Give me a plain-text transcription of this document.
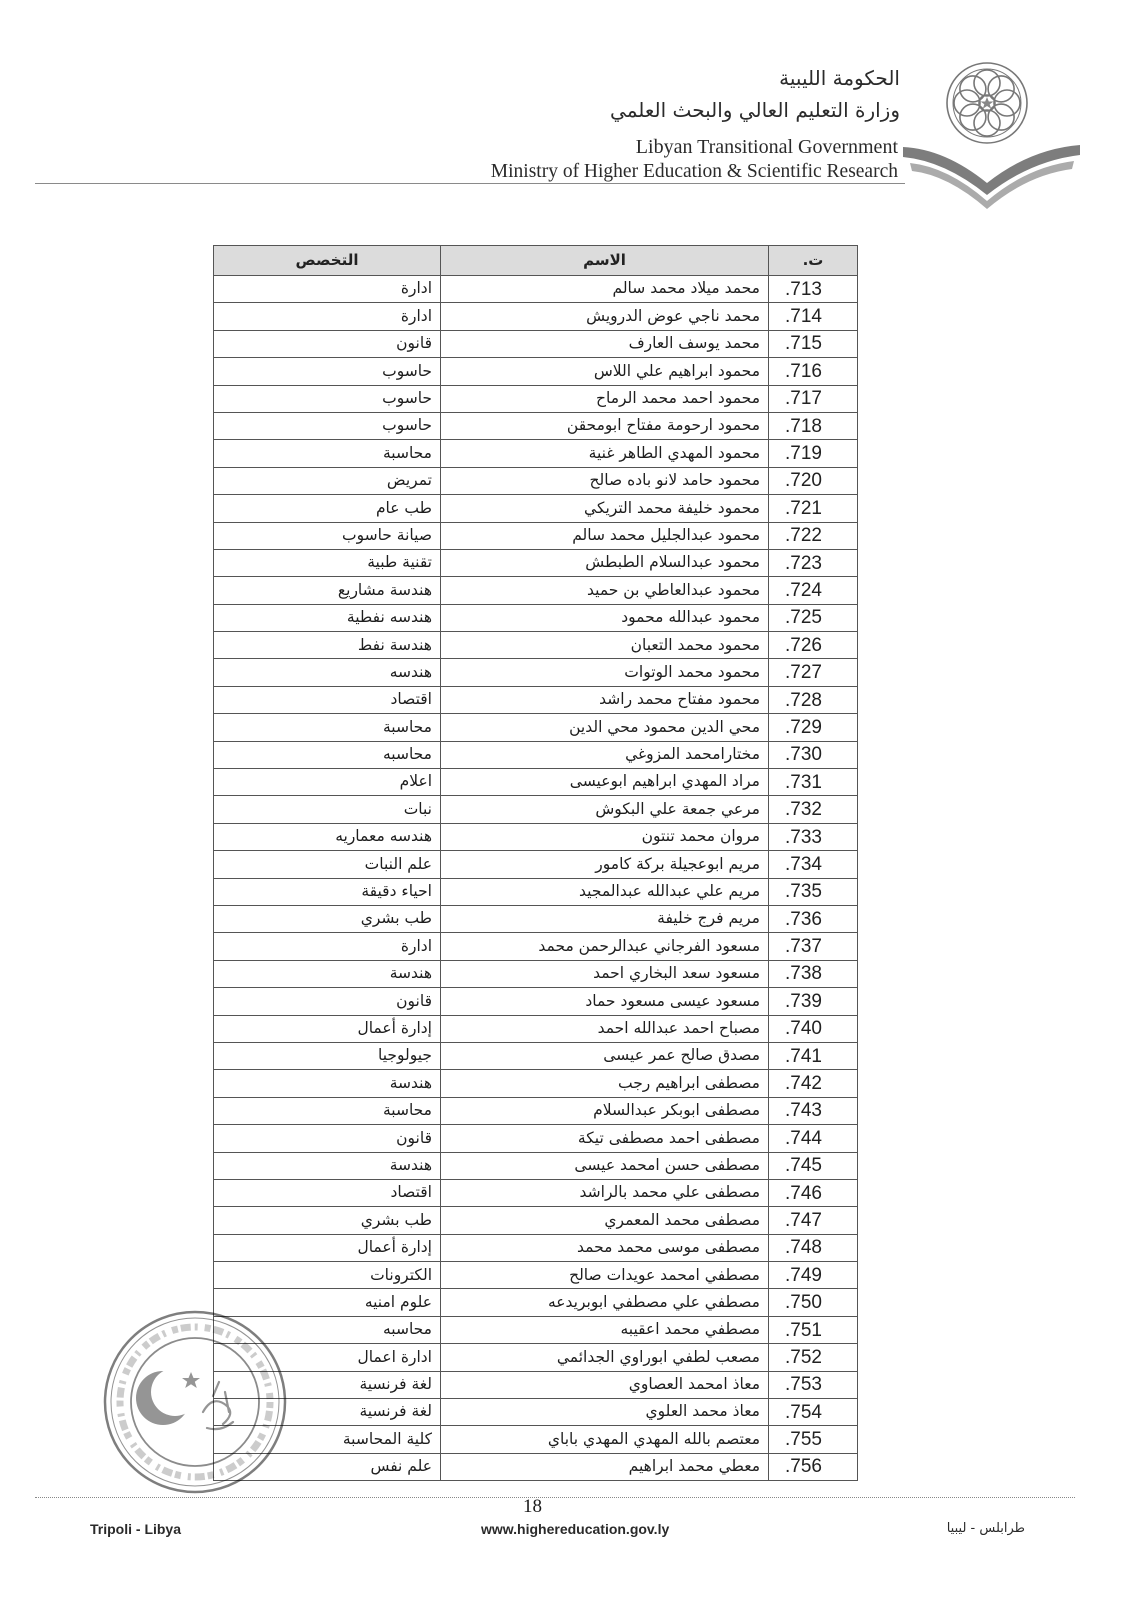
الحكومة الليبية
وزارة التعليم العالي والبحث العلمي
Libyan Transitional Government
Ministry of Higher Education & Scientific Research
ت.	الاسم	التخصص
713.	محمد ميلاد محمد سالم	ادارة
714.	محمد ناجي عوض الدرويش	ادارة
715.	محمد يوسف العارف	قانون
716.	محمود ابراهيم علي اللاس	حاسوب
717.	محمود احمد محمد الرماح	حاسوب
718.	محمود ارحومة مفتاح ابومحقن	حاسوب
719.	محمود المهدي الطاهر غنية	محاسبة
720.	محمود حامد لانو باده صالح	تمريض
721.	محمود خليفة محمد التريكي	طب عام
722.	محمود عبدالجليل محمد سالم	صيانة حاسوب
723.	محمود عبدالسلام الطبطش	تقنية طبية
724.	محمود عبدالعاطي بن حميد	هندسة مشاريع
725.	محمود عبدالله محمود	هندسه نفطية
726.	محمود محمد التعبان	هندسة نفط
727.	محمود محمد الوتوات	هندسه
728.	محمود مفتاح محمد راشد	اقتصاد
729.	محي الدين محمود محي الدين	محاسبة
730.	مختارامحمد المزوغي	محاسبه
731.	مراد المهدي ابراهيم ابوعيسى	اعلام
732.	مرعي جمعة علي البكوش	نبات
733.	مروان محمد تنتون	هندسه معماريه
734.	مريم ابوعجيلة بركة كامور	علم النبات
735.	مريم علي عبدالله عبدالمجيد	احياء دقيقة
736.	مريم فرج خليفة	طب بشري
737.	مسعود الفرجاني عبدالرحمن محمد	ادارة
738.	مسعود سعد البخاري احمد	هندسة
739.	مسعود عيسى مسعود حماد	قانون
740.	مصباح احمد عبدالله احمد	إدارة أعمال
741.	مصدق صالح عمر عيسى	جيولوجيا
742.	مصطفى ابراهيم رجب	هندسة
743.	مصطفى ابوبكر عبدالسلام	محاسبة
744.	مصطفى احمد مصطفى تيكة	قانون
745.	مصطفى حسن امحمد عيسى	هندسة
746.	مصطفى علي محمد بالراشد	اقتصاد
747.	مصطفى محمد المعمري	طب بشري
748.	مصطفى موسى محمد محمد	إدارة أعمال
749.	مصطفي امحمد عويدات صالح	الكترونات
750.	مصطفي علي مصطفي ابوبريدعه	علوم امنيه
751.	مصطفي محمد اعقيبه	محاسبه
752.	مصعب لطفي ابوراوي الجدائمي	ادارة اعمال
753.	معاذ امحمد العصاوي	لغة فرنسية
754.	معاذ محمد العلوي	لغة فرنسية
755.	معتصم بالله المهدي المهدي باباي	كلية المحاسبة
756.	معطي محمد ابراهيم	علم نفس
18
Tripoli - Libya	www.highereducation.gov.ly	طرابلس - ليبيا
